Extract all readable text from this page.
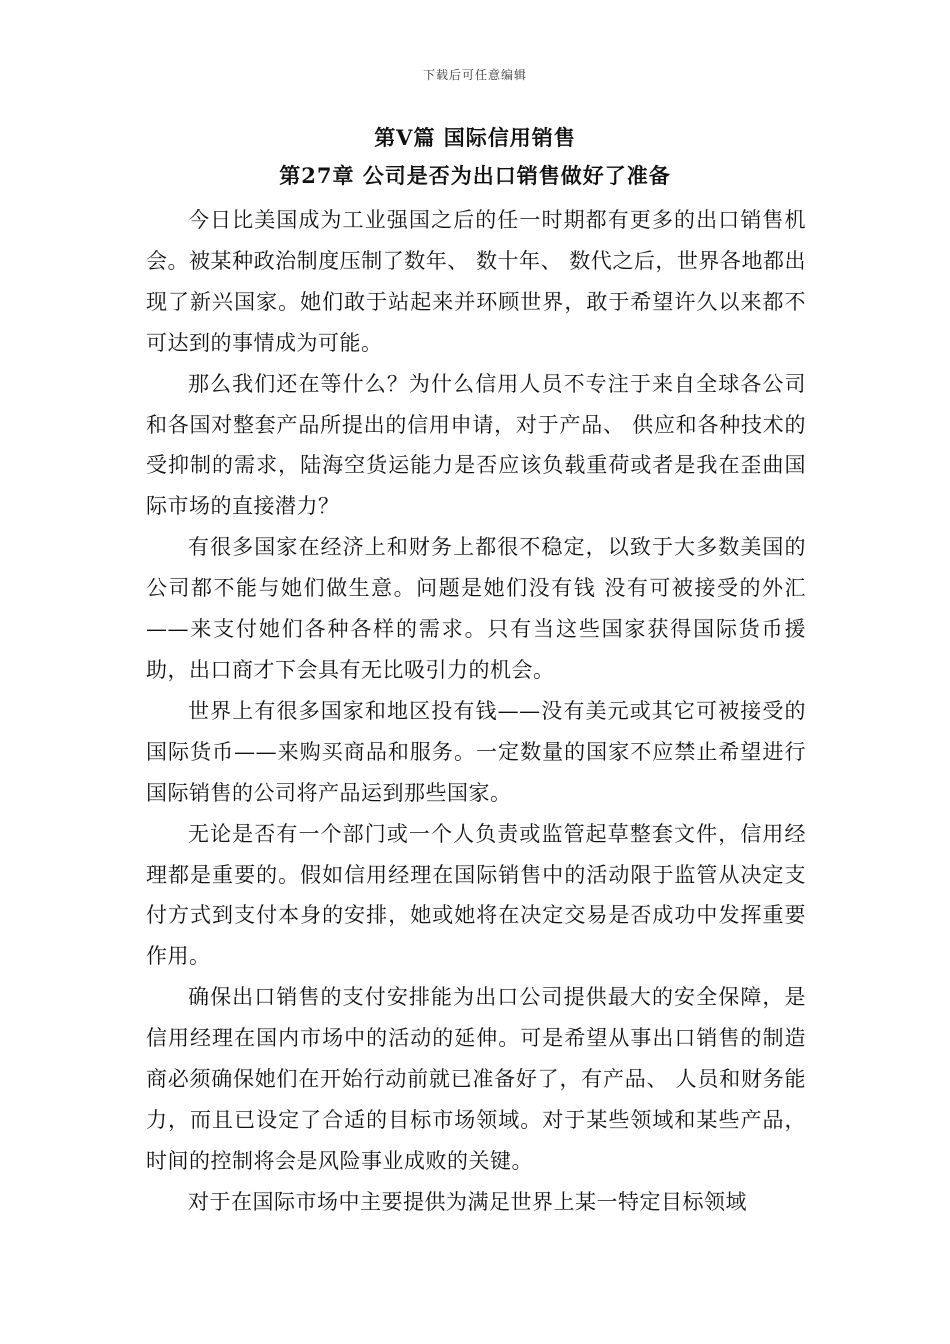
下载后可任意编辑
第Ⅴ篇 国际信用销售
第27章 公司是否为出口销售做好了准备

今日比美国成为工业强国之后的任一时期都有更多的出口销售机会。被某种政治制度压制了数年、 数十年、 数代之后，世界各地都出现了新兴国家。她们敢于站起来并环顾世界，敢于希望许久以来都不可达到的事情成为可能。

那么我们还在等什么？为什么信用人员不专注于来自全球各公司和各国对整套产品所提出的信用申请，对于产品、 供应和各种技术的受抑制的需求，陆海空货运能力是否应该负载重荷或者是我在歪曲国际市场的直接潜力？

有很多国家在经济上和财务上都很不稳定，以致于大多数美国的公司都不能与她们做生意。问题是她们没有钱 没有可被接受的外汇——来支付她们各种各样的需求。只有当这些国家获得国际货币援助，出口商才下会具有无比吸引力的机会。

世界上有很多国家和地区投有钱——没有美元或其它可被接受的国际货币——来购买商品和服务。一定数量的国家不应禁止希望进行国际销售的公司将产品运到那些国家。

无论是否有一个部门或一个人负责或监管起草整套文件，信用经理都是重要的。假如信用经理在国际销售中的活动限于监管从决定支付方式到支付本身的安排，她或她将在决定交易是否成功中发挥重要作用。

确保出口销售的支付安排能为出口公司提供最大的安全保障，是信用经理在国内市场中的活动的延伸。可是希望从事出口销售的制造商必须确保她们在开始行动前就已准备好了，有产品、 人员和财务能力，而且已设定了合适的目标市场领域。对于某些领域和某些产品，时间的控制将会是风险事业成败的关键。

对于在国际市场中主要提供为满足世界上某一特定目标领域
